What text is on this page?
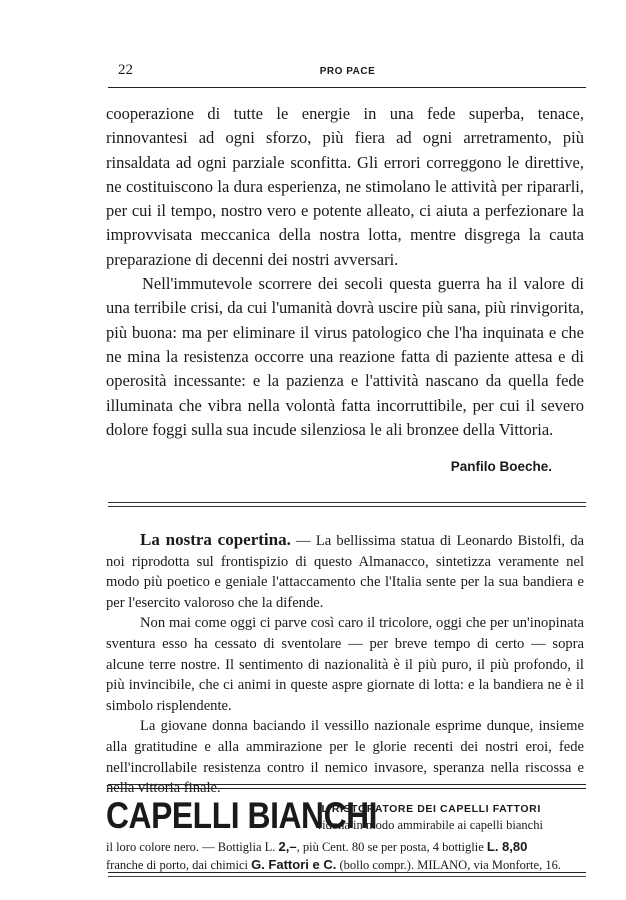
22	PRO PACE

cooperazione di tutte le energie in una fede superba, tenace, rinnovantesi ad ogni sforzo, più fiera ad ogni arretramento, più rinsaldata ad ogni parziale sconfitta. Gli errori correggono le direttive, ne costituiscono la dura esperienza, ne stimolano le attività per ripararli, per cui il tempo, nostro vero e potente alleato, ci aiuta a perfezionare la improvvisata meccanica della nostra lotta, mentre disgrega la cauta preparazione di decenni dei nostri avversari.

Nell'immutevole scorrere dei secoli questa guerra ha il valore di una terribile crisi, da cui l'umanità dovrà uscire più sana, più rinvigorita, più buona: ma per eliminare il virus patologico che l'ha inquinata e che ne mina la resistenza occorre una reazione fatta di paziente attesa e di operosità incessante: e la pazienza e l'attività nascano da quella fede illuminata che vibra nella volontà fatta incorruttibile, per cui il severo dolore foggi sulla sua incude silenziosa le ali bronzee della Vittoria.

Panfilo Boeche.

La nostra copertina. — La bellissima statua di Leonardo Bistolfi, da noi riprodotta sul frontispizio di questo Almanacco, sintetizza veramente nel modo più poetico e geniale l'attaccamento che l'Italia sente per la sua bandiera e per l'esercito valoroso che la difende.

Non mai come oggi ci parve così caro il tricolore, oggi che per un'inopinata sventura esso ha cessato di sventolare — per breve tempo di certo — sopra alcune terre nostre. Il sentimento di nazionalità è il più puro, il più profondo, il più invincibile, che ci animi in queste aspre giornate di lotta: e la bandiera ne è il simbolo risplendente.

La giovane donna baciando il vessillo nazionale esprime dunque, insieme alla gratitudine e alla ammirazione per le glorie recenti dei nostri eroi, fede nell'incrollabile resistenza contro il nemico invasore, speranza nella riscossa e nella vittoria finale.

CAPELLI BIANCHI
IL RISTORATORE DEI CAPELLI FATTORI
ridona in modo ammirabile ai capelli bianchi
il loro colore nero. — Bottiglia L. 2,–, più Cent. 80 se per posta, 4 bottiglie L. 8,80
franche di porto, dai chimici G. Fattori e C. (bollo compr.). MILANO, via Monforte, 16.
